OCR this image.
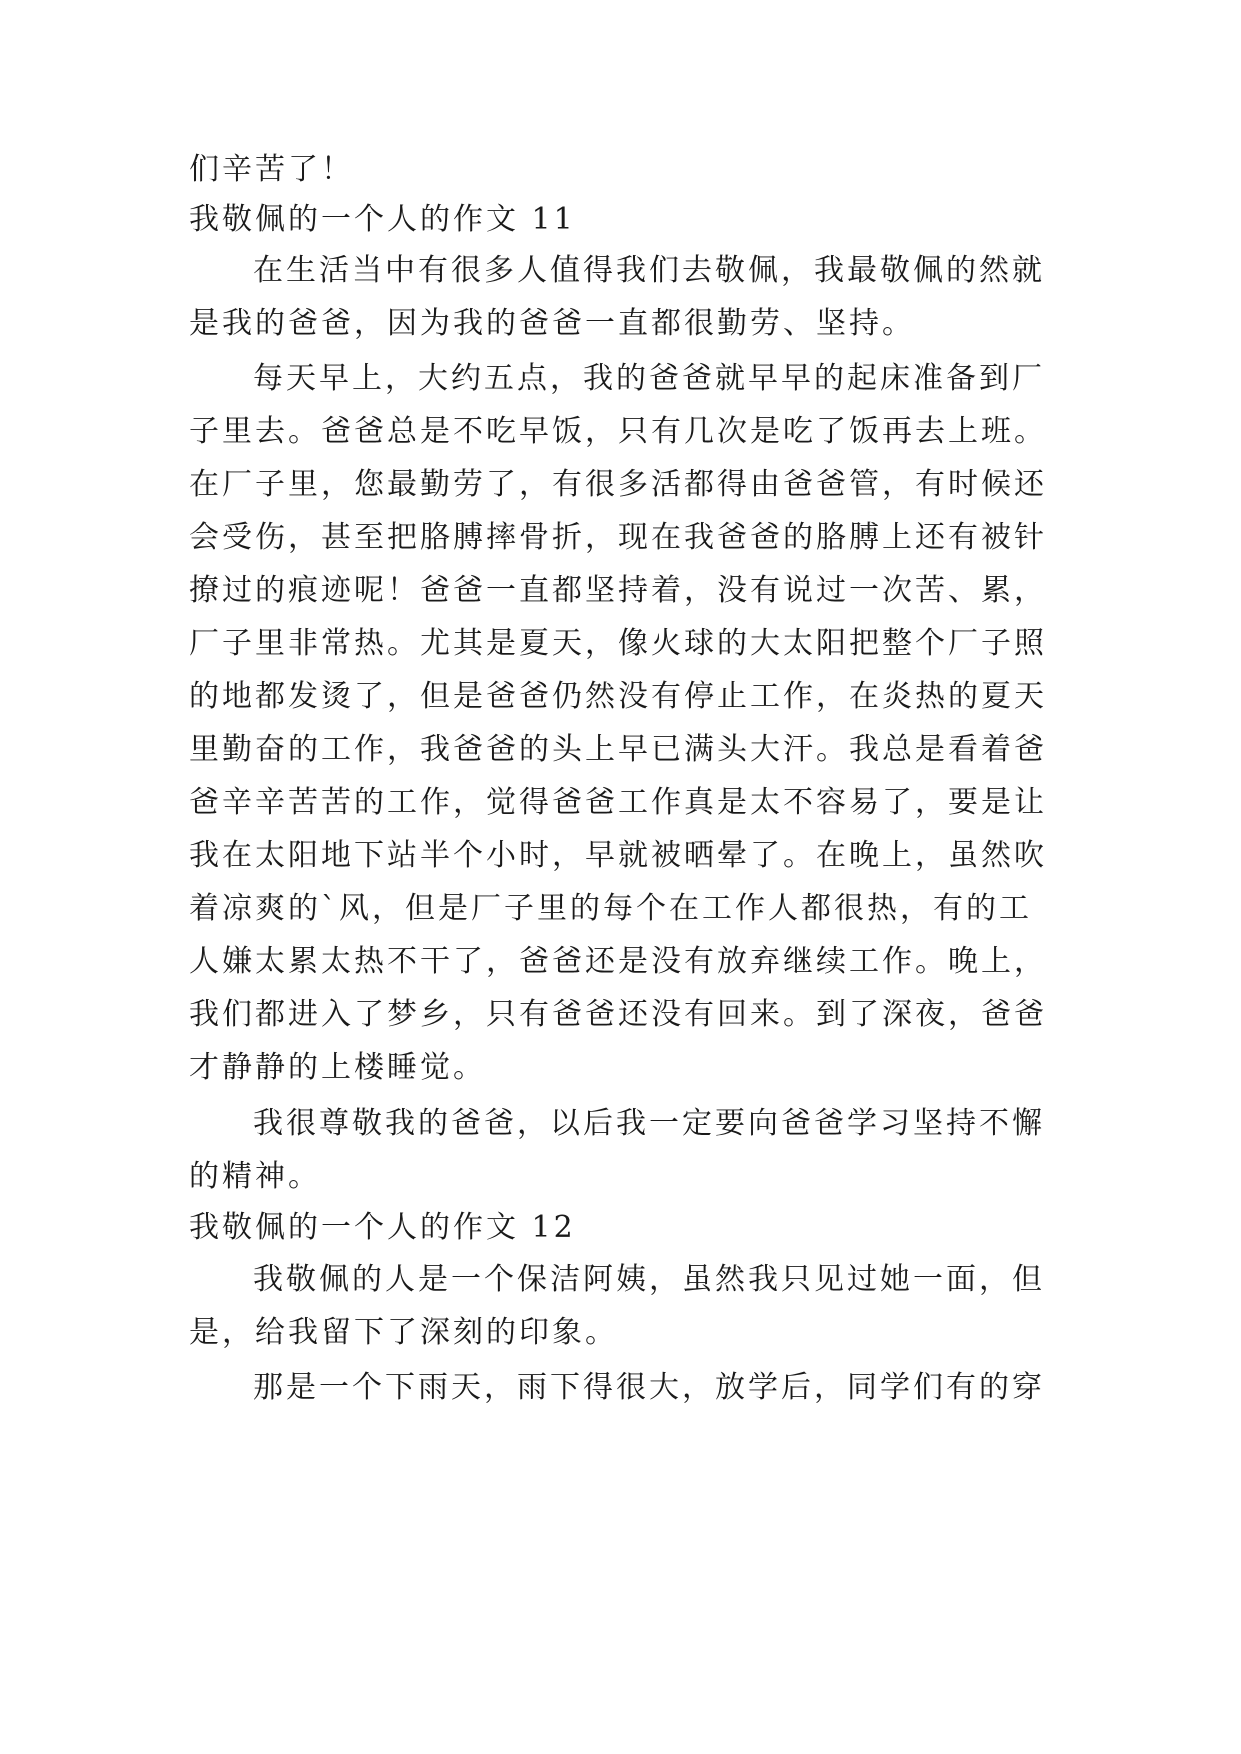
们辛苦了！
我敬佩的一个人的作文 11
在生活当中有很多人值得我们去敬佩，我最敬佩的然就
是我的爸爸，因为我的爸爸一直都很勤劳、坚持。
每天早上，大约五点，我的爸爸就早早的起床准备到厂
子里去。爸爸总是不吃早饭，只有几次是吃了饭再去上班。
在厂子里，您最勤劳了，有很多活都得由爸爸管，有时候还
会受伤，甚至把胳膊摔骨折，现在我爸爸的胳膊上还有被针
撩过的痕迹呢！爸爸一直都坚持着，没有说过一次苦、累，
厂子里非常热。尤其是夏天，像火球的大太阳把整个厂子照
的地都发烫了，但是爸爸仍然没有停止工作，在炎热的夏天
里勤奋的工作，我爸爸的头上早已满头大汗。我总是看着爸
爸辛辛苦苦的工作，觉得爸爸工作真是太不容易了，要是让
我在太阳地下站半个小时，早就被晒晕了。在晚上，虽然吹
着凉爽的`风，但是厂子里的每个在工作人都很热，有的工
人嫌太累太热不干了，爸爸还是没有放弃继续工作。晚上，
我们都进入了梦乡，只有爸爸还没有回来。到了深夜，爸爸
才静静的上楼睡觉。
我很尊敬我的爸爸，以后我一定要向爸爸学习坚持不懈
的精神。
我敬佩的一个人的作文 12
我敬佩的人是一个保洁阿姨，虽然我只见过她一面，但
是，给我留下了深刻的印象。
那是一个下雨天，雨下得很大，放学后，同学们有的穿
